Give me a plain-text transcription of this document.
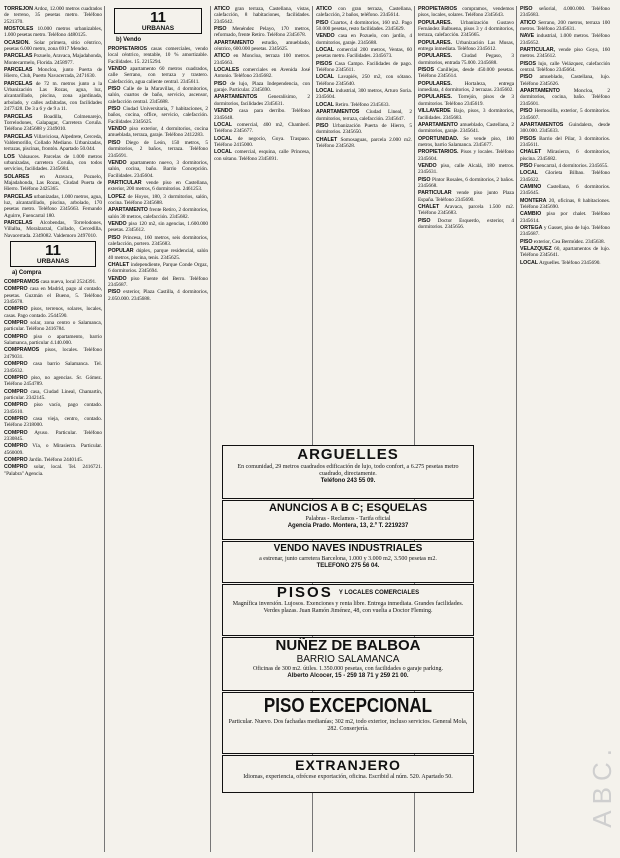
TORREJON Ardoz, 12.000 metros cuadrados de terreno, 35 pesetas metro. Teléfono 2521370.

MOSTOLES 10.000 metros urbanizables, 1.000 pesetas metro. Teléfono 4480125.

OCASION. Solar primera, sitio céntrico, pesetas 6.000 metro, zona 6917 Mendez.

PARCELAS Pozuelo, Aravaca, Majadahonda, Montecarmelo, Florida. 2458977.

PARCELAS Moncloa, junto Puerta de Hierro, Club, Puerto Navacerrada, 2471630.

PARCELAS de 72 m. metros junto a la Urbanización Las Rozas, agua, luz, alcantarillado, piscina, zona ajardinada, arbolado, y calles asfaltadas, con facilidades 2477428. De 3 a 6 y de 9 a 11.

PARCELAS Boadilla, Colmenarejo, Torrelodones, Galapagar, Carretera Coruña. Teléfono 2345688 y 2349010.

PARCELAS Villaviciosa, Alpedrete, Cerceda, Valdemorillo, Collado Mediano. Urbanizadas, terrazas, piscinas, frontón. Apartado 50.044.

LOS Valsauces. Parcelas de 1.000 metros urbanizadas, carretera Coruña, con todos servicios, facilidades. 2345684.

SOLARES en Aravaca, Pozuelo, Majadahonda, Las Rozas, Ciudad Puerta de Hierro. Teléfono 2425365.

PARCELAS urbanizadas, 1.000 metros, agua, luz, alcantarillado, piscina, arbolado, 170 pesetas metro. Teléfono 2345663. Fernando Aguirre, Fuencarral 180.

PARCELAS Alcobendas, Torrelodones, Villalba, Moralzarzal, Collado, Cercedilla, Navacerrada. 2349082. Valdemoro 2497010.

11
URBANAS
a) Compra

COMPRAMOS casa nueva, local 2524391.

COMPRO casa en Madrid, pago al contado, pesetas. Guzmán el Bueno, 5. Teléfono 2345678.

COMPRO pisos, terrenos, solares, locales, casas. Pago contado. 2544590.

COMPRO solar, zona centro o Salamanca, particular. Teléfono 2416784.

COMPRO piso o apartamento, barrio Salamanca, particular 4.140.000.

COMPRAMOS pisos, locales. Teléfono 2479031.

COMPRO casa barrio Salamanca. Tel. 2345632.

COMPRO piso, no agencias. Sr. Gómez. Teléfono 2454789.

COMPRO casa, Ciudad Lineal, Chamartín, particular. 2342145.

COMPRO piso vacío, pago contado. 2345610.

COMPRO casa vieja, centro, contado. Teléfono 2318000.

COMPRO Ayuso. Particular. Teléfono 2330845.

COMPRO Vía, o Mirasierra. Particular. 4560009.

COMPRO Jardín. Teléfono 2440145.

COMPRO solar, local. Tel. 2416721. "Palabra" Agencia.

11
URBANAS
b) Vendo

PROPIETARIOS casas comerciales, vendo local céntrico, rentable, 10 % amortizable. Facilidades. 15. 2215294.

VENDO apartamento 60 metros cuadrados, calle Serrano, con terraza y trastero. Calefacción, agua caliente central. 2345611.

PISO Calle de la Maravillas, 4 dormitorios, salón, cuartos de baño, servicio, ascensor, calefacción central. 2345688.

PISO Ciudad Universitaria, 7 habitaciones, 2 baños, cocina, office, servicio, calefacción. Facilidades 2345625.

VENDO piso exterior, 4 dormitorios, cocina amueblada, terraza, garaje. Teléfono 2412283.

PISO Diego de León, 150 metros, 5 dormitorios, 2 baños, terraza. Teléfono 2345691.

VENDO apartamento nuevo, 3 dormitorios, salón, cocina, baño. Barrio Concepción. Facilidades. 2345604.

PARTICULAR vende piso en Castellana, exterior, 200 metros, 6 dormitorios. 2461253.

LOPEZ de Hoyos, 180, 3 dormitorios, salón, cocina. Teléfono 2345688.

APARTAMENTO frente Retiro, 2 dormitorios, salón 30 metros, calefacción. 2345682.

VENDO piso 120 m2, sin agencias, 1.600.000 pesetas. 2345612.

PISO Princesa, 160 metros, seis dormitorios, calefacción, portero. 2345683.

POPULAR dúplex, parque residencial, salón 40 metros, piscina, tenis. 2345625.

CHALET independiente, Parque Conde Orgaz, 6 dormitorios. 2345694.

VENDO piso Fuente del Berro. Teléfono 2345687.

PISO exterior, Plaza Castilla, 4 dormitorios, 2.050.000. 2345688.

ATICO gran terraza, Castellana, vistas, calefacción, 8 habitaciones, facilidades. 2345642.

PISO Menéndez Pelayo, 170 metros, reformado, frente Retiro. Teléfono 2345678.

APARTAMENTO estudio, amueblado, céntrico, 600.000 pesetas. 2345625.

ATICO en Moncloa, terraza 100 metros. 2345663.

LOCALES comerciales en Avenida José Antonio. Teléfono 2345682.

PISO de lujo, Plaza Independencia, con garaje. Particular. 2345690.

APARTAMENTOS Generalísimo, 2 dormitorios, facilidades 2345631.

VENDO casa para derribo. Teléfono 2345648.

LOCAL comercial, 400 m2, Chamberí. Teléfono 2345677.

LOCAL de negocio, Goya. Traspaso. Teléfono 2415000.

LOCAL comercial, esquina, calle Princesa, con sótano. Teléfono 2345691.

ATICO con gran terraza, Castellana, calefacción, 2 baños, teléfono. 2345614.

PISO Cuartos, 4 dormitorios, 160 m2. Pago 50.000 pesetas, resto facilidades. 2345629.

VENDO casa en Pozuelo, con jardín, 4 dormitorios, garaje. 2345688.

LOCAL comercial 200 metros, Ventas, 60 pesetas metro. Facilidades. 2345673.

PISOS Casa Campo. Facilidades de pago. Teléfono 2345611.

LOCAL Lavapiés, 250 m2, con sótano. Teléfono 2345640.

LOCAL industrial, 300 metros, Arturo Soria. 2345604.

LOCAL Retiro. Teléfono 2345633.

APARTAMENTOS Ciudad Lineal, 2 dormitorios, terraza, calefacción. 2345647.

PISO Urbanización Puerta de Hierro, 5 dormitorios. 2345650.

CHALET Somosaguas, parcela 2.000 m2. Teléfono 2345628.

PROPIETARIOS compramos, vendemos pisos, locales, solares. Teléfono 2345643.

POPULARES. Urbanización Gustavo Fernández Balbuena, pisos 3 y 4 dormitorios, terraza, calefacción. 2345665.

POPULARES. Urbanización Las Musas, entrega inmediata. Teléfono 2345612.

POPULARES. Ciudad Pegaso, 3 dormitorios, entrada 75.000. 2345688.

PISOS Canillejas, desde 450.000 pesetas. Teléfono 2345614.

POPULARES. Hortaleza, entrega inmediata, 4 dormitorios, 2 terrazas. 2345602.

POPULARES. Torrejón, pisos de 3 dormitorios. Teléfono 2345619.

VILLAVERDE Bajo, pisos, 3 dormitorios, facilidades. 2345683.

APARTAMENTO amueblado, Castellana, 2 dormitorios, garaje. 2345641.

OPORTUNIDAD. Se vende piso, 180 metros, barrio Salamanca. 2345677.

PROPIETARIOS. Pisos y locales. Teléfono 2345604.

VENDO piso, calle Alcalá, 180 metros. 2345631.

PISO Pintor Rosales, 6 dormitorios, 2 baños. 2345668.

PARTICULAR vende piso junto Plaza España. Teléfono 2345690.

CHALET Aravaca, parcela 1.500 m2. Teléfono 2345683.

PISO Doctor Esquerdo, exterior, 4 dormitorios. 2345656.

PISO señorial, 4.000.000. Teléfono 2345683.

ATICO Serrano, 200 metros, terraza 100 metros. Teléfono 2345631.

NAVE industrial, 1.000 metros. Teléfono 2345652.

PARTICULAR, vende piso Goya, 160 metros. 2345612.

PISOS lujo, calle Velázquez, calefacción central. Teléfono 2345664.

PISO amueblado, Castellana, lujo. Teléfono 2345626.

APARTAMENTO	Moncloa, 2 dormitorios, cocina, baño. Teléfono 2345601.

PISO Hermosilla, exterior, 5 dormitorios. 2345607.

APARTAMENTOS Guindalera, desde 300.000. 2345633.

PISOS Barrio del Pilar, 3 dormitorios. 2345611.

CHALET Mirasierra, 6 dormitorios, piscina. 2345682.

PISO Fuencarral, 4 dormitorios. 2345655.

LOCAL Glorieta Bilbao. Teléfono 2345622.

CAMINO Castellana, 6 dormitorios. 2345645.

MONTERA 20, oficinas, 8 habitaciones. Teléfono 2345690.

CAMBIO piso por chalet. Teléfono 2345614.

ORTEGA y Gasset, piso de lujo. Teléfono 2345687.

PISO exterior, Cea Bermúdez. 2345638.

VELAZQUEZ 60, apartamentos de lujo. Teléfono 2345641.

LOCAL Arguelles. Teléfono 2345690.

ARGUELLES
En comunidad, 29 metros cuadrados edificación de lujo, todo confort, a 6.275 pesetas metro cuadrado, directamente.
Teléfono 243 55 09.
ANUNCIOS A B C; ESQUELAS
Palabras - Reclamos - Tarifa oficial
Agencia Prado. Montera, 13, 2.º T. 2219237
VENDO NAVES INDUSTRIALES
a estrenar, junto carretera Barcelona, 1.000 y 3.000 m2, 3.500 pesetas m2.
TELEFONO 275 56 04.
PISOS Y LOCALES COMERCIALES
Magnífica inversión. Lujosos. Exenciones y renta libre. Entrega inmediata. Grandes facilidades. Verdes plazas. Juan Ramón Jiménez, 48, con vuelta a Doctor Fleming.
NUÑEZ DE BALBOA
BARRIO SALAMANCA
Oficinas de 300 m2. útiles. 1.350.000 pesetas, con facilidades o garaje parking.
Alberto Alcocer, 15 - 259 18 71 y 259 21 00.
PISO EXCEPCIONAL
Particular. Nuevo. Dos fachadas medianías; 302 m2, todo exterior, incluso servicios. General Mola, 282. Conserjería.
EXTRANJERO
Idiomas, experiencia, ofrécese exportación, oficina. Escribid al núm. 520. Apartado 50.	ABC.
